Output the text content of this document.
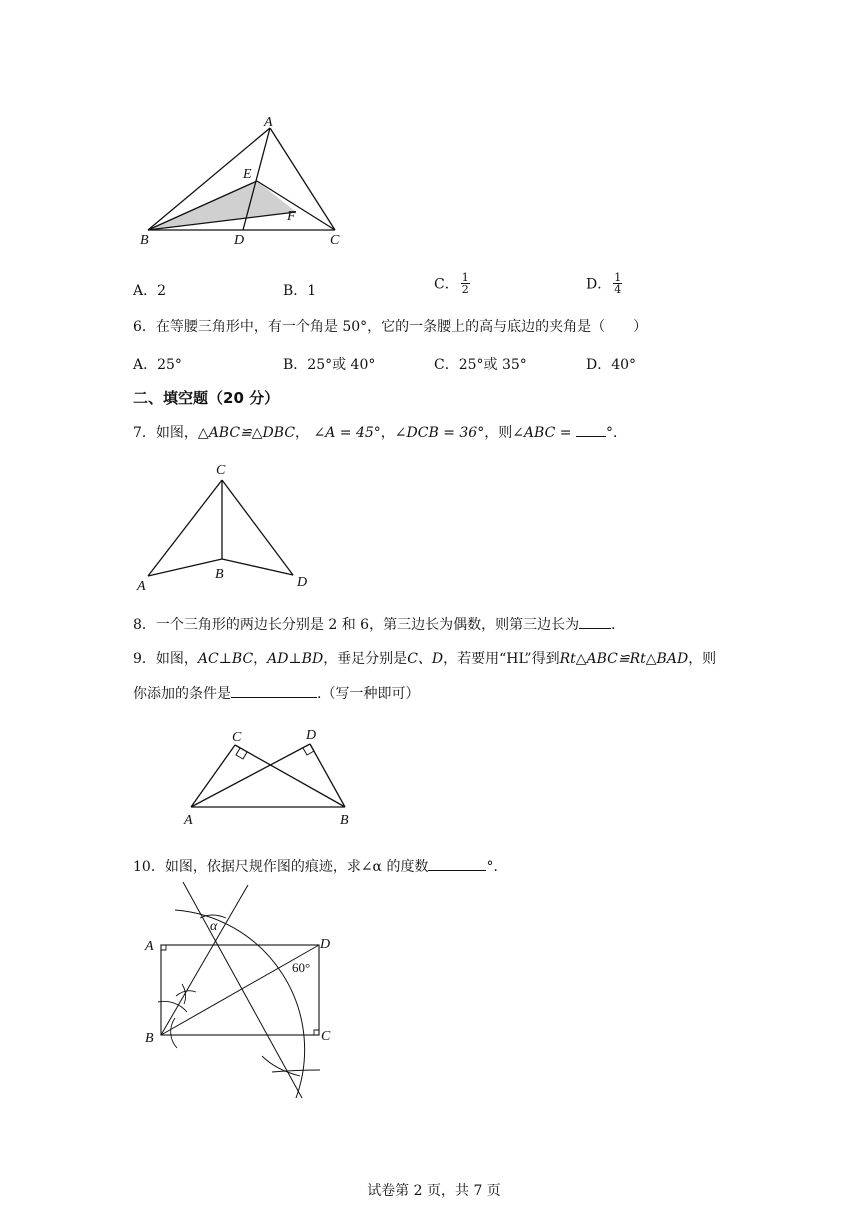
A
E
F
B	D	C
A．2	B．1	C． $\frac{1}{2}$	D． $\frac{1}{4}$
6．在等腰三角形中，有一个角是 50°，它的一条腰上的高与底边的夹角是（　　）
A．25°	B．25°或 40°	C．25°或 35°	D．40°
二、填空题（20 分）
7．如图，△ABC≌△DBC， ∠A = 45°，∠DCB = 36°，则∠ABC = °．
C
A
B
D
8．一个三角形的两边长分别是 2 和 6，第三边长为偶数，则第三边长为 ．
9．如图，AC⊥BC，AD⊥BD，垂足分别是C、D，若要用“HL”得到Rt△ABC≌Rt△BAD，则
你添加的条件是	.（写一种即可）
C	D
A	B
10．如图，依据尺规作图的痕迹，求∠α 的度数	°．
A	D
B	C
α
60°
试卷第 2 页，共 7 页
